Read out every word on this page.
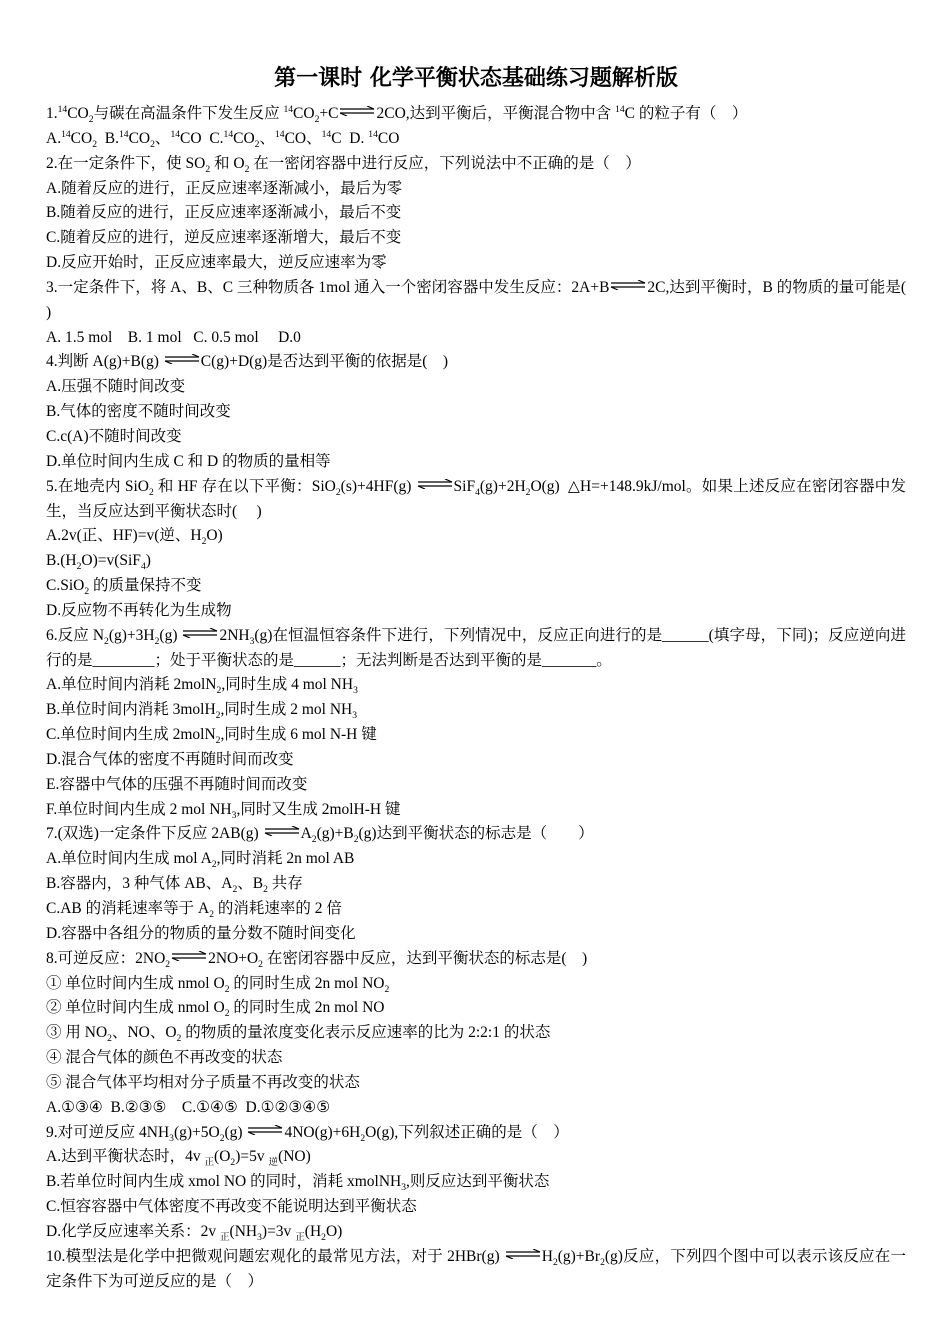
第一课时 化学平衡状态基础练习题解析版
$1.14CO_2$与碳在高温条件下发生反应 $^{14}CO_2+C\rightleftharpoons 2CO$,达到平衡后，平衡混合物中含 $^{14}$C 的粒子有（　）
$A.^{14}CO_2$  $B.^{14}CO_2$、$^{14}$CO  $C.^{14}CO_2$、$^{14}$CO、$^{14}$C  D. $^{14}$CO
2.在一定条件下，使 $SO_2$ 和 $O_2$ 在一密闭容器中进行反应，下列说法中不正确的是（　）
A.随着反应的进行，正反应速率逐渐减小，最后为零
B.随着反应的进行，正反应速率逐渐减小，最后不变
C.随着反应的进行，逆反应速率逐渐增大，最后不变
D.反应开始时，正反应速率最大，逆反应速率为零
3.一定条件下，将 A、B、C 三种物质各 1mol 通入一个密闭容器中发生反应：2A+B⇌2C,达到平衡时，B 的物质的量可能是(　 )
A. 1.5 mol    B. 1 mol   C. 0.5 mol     D.0
4.判断 A(g)+B(g) ⇌C(g)+D(g)是否达到平衡的依据是(　)
A.压强不随时间改变
B.气体的密度不随时间改变
C.c(A)不随时间改变
D.单位时间内生成 C 和 D 的物质的量相等
5.在地壳内 SiO$_2$ 和 HF 存在以下平衡：SiO$_2$(s)+4HF(g) $\rightleftharpoons SiF_4(g)+2H_2O(g)$  △H=+148.9kJ/mol。如果上述反应在密闭容器中发生，当反应达到平衡状态时(　 )
A.2v(正、HF)=v(逆、$H_2O$)
$B.(H_2O)=v(SiF_4)$
C.SiO$_2$ 的质量保持不变
D.反应物不再转化为生成物
6.反应 $N_2(g)+3H_2(g)$ $\rightleftharpoons 2NH_3(g)$在恒温恒容条件下进行，下列情况中，反应正向进行的是______(填字母，下同)；反应逆向进行的是________；处于平衡状态的是______；无法判断是否达到平衡的是_______。
A.单位时间内消耗 2molN$_2$,同时生成 4 mol $NH_3$
B.单位时间内消耗 3molH$_2$,同时生成 2 mol $NH_3$
C.单位时间内生成 2molN$_2$,同时生成 6 mol N-H 键
D.混合气体的密度不再随时间而改变
E.容器中气体的压强不再随时间而改变
F.单位时间内生成 2 mol $NH_3$,同时又生成 2molH-H 键
7.(双选)一定条件下反应 2AB(g) $\rightleftharpoons A_2(g)+B_2(g)$达到平衡状态的标志是（　　）
A.单位时间内生成 mol $A_2$,同时消耗 2n mol AB
B.容器内，3 种气体 AB、$A_2$、$B_2$ 共存
C.AB 的消耗速率等于 $A_2$ 的消耗速率的 2 倍
D.容器中各组分的物质的量分数不随时间变化
8.可逆反应：$2NO_2$ $\rightleftharpoons 2NO+O_2$ 在密闭容器中反应，达到平衡状态的标志是(　)
① 单位时间内生成 nmol $O_2$ 的同时生成 2n mol $NO_2$
② 单位时间内生成 nmol $O_2$ 的同时生成 2n mol NO
③ 用 $NO_2$、NO、$O_2$ 的物质的量浓度变化表示反应速率的比为 2:2:1 的状态
④ 混合气体的颜色不再改变的状态
⑤ 混合气体平均相对分子质量不再改变的状态
A.①③④  B.②③⑤    C.①④⑤  D.①②③④⑤
9.对可逆反应 $4NH_3(g)+5O_2(g)$ $\rightleftharpoons 4NO(g)+6H_2O(g)$,下列叙述正确的是（　）
A.达到平衡状态时，4v $_正(O_2)=5v$ $_逆$(NO)
B.若单位时间内生成 xmol NO 的同时，消耗 xmolNH$_3$,则反应达到平衡状态
C.恒容容器中气体密度不再改变不能说明达到平衡状态
D.化学反应速率关系：2v $_正(NH_3)=3v$ $_正(H_2O)$
10.模型法是化学中把微观问题宏观化的最常见方法，对于 2HBr(g) $\rightleftharpoons H_2(g)+Br_2(g)$反应，下列四个图中可以表示该反应在一定条件下为可逆反应的是（　）
